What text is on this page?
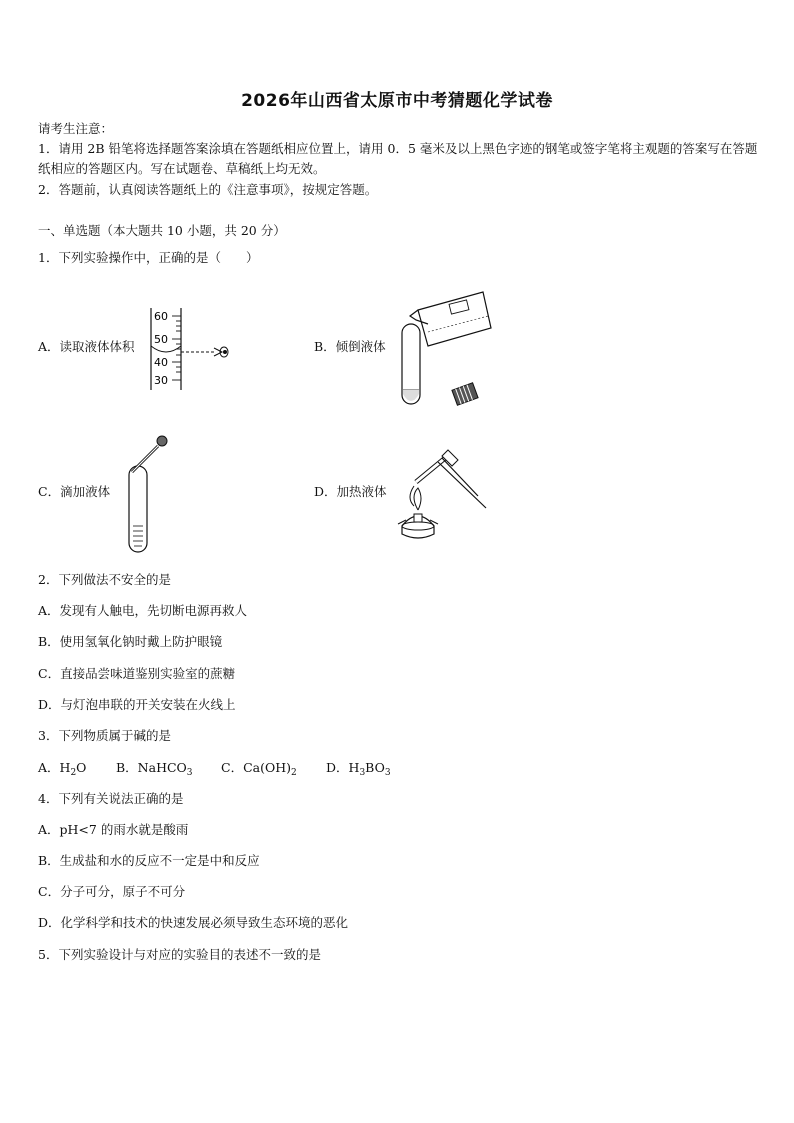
2026年山西省太原市中考猜题化学试卷
请考生注意：
1．请用 2B 铅笔将选择题答案涂填在答题纸相应位置上，请用 0．5 毫米及以上黑色字迹的钢笔或签字笔将主观题的答案写在答题纸相应的答题区内。写在试题卷、草稿纸上均无效。
2．答题前，认真阅读答题纸上的《注意事项》，按规定答题。
一、单选题（本大题共 10 小题，共 20 分）
1．下列实验操作中，正确的是（　　）
A．读取液体体积	B．倾倒液体
C．滴加液体	D．加热液体
60
50
40
30
2．下列做法不安全的是
A．发现有人触电，先切断电源再救人
B．使用氢氧化钠时戴上防护眼镜
C．直接品尝味道鉴别实验室的蔗糖
D．与灯泡串联的开关安装在火线上
3．下列物质属于碱的是
A．$H_2O$ B．NaHCO$_3$ C．$Ca(OH)_2$ D．$H_3BO_3$
4．下列有关说法正确的是
A．pH<7 的雨水就是酸雨
B．生成盐和水的反应不一定是中和反应
C．分子可分，原子不可分
D．化学科学和技术的快速发展必须导致生态环境的恶化
5．下列实验设计与对应的实验目的表述不一致的是
